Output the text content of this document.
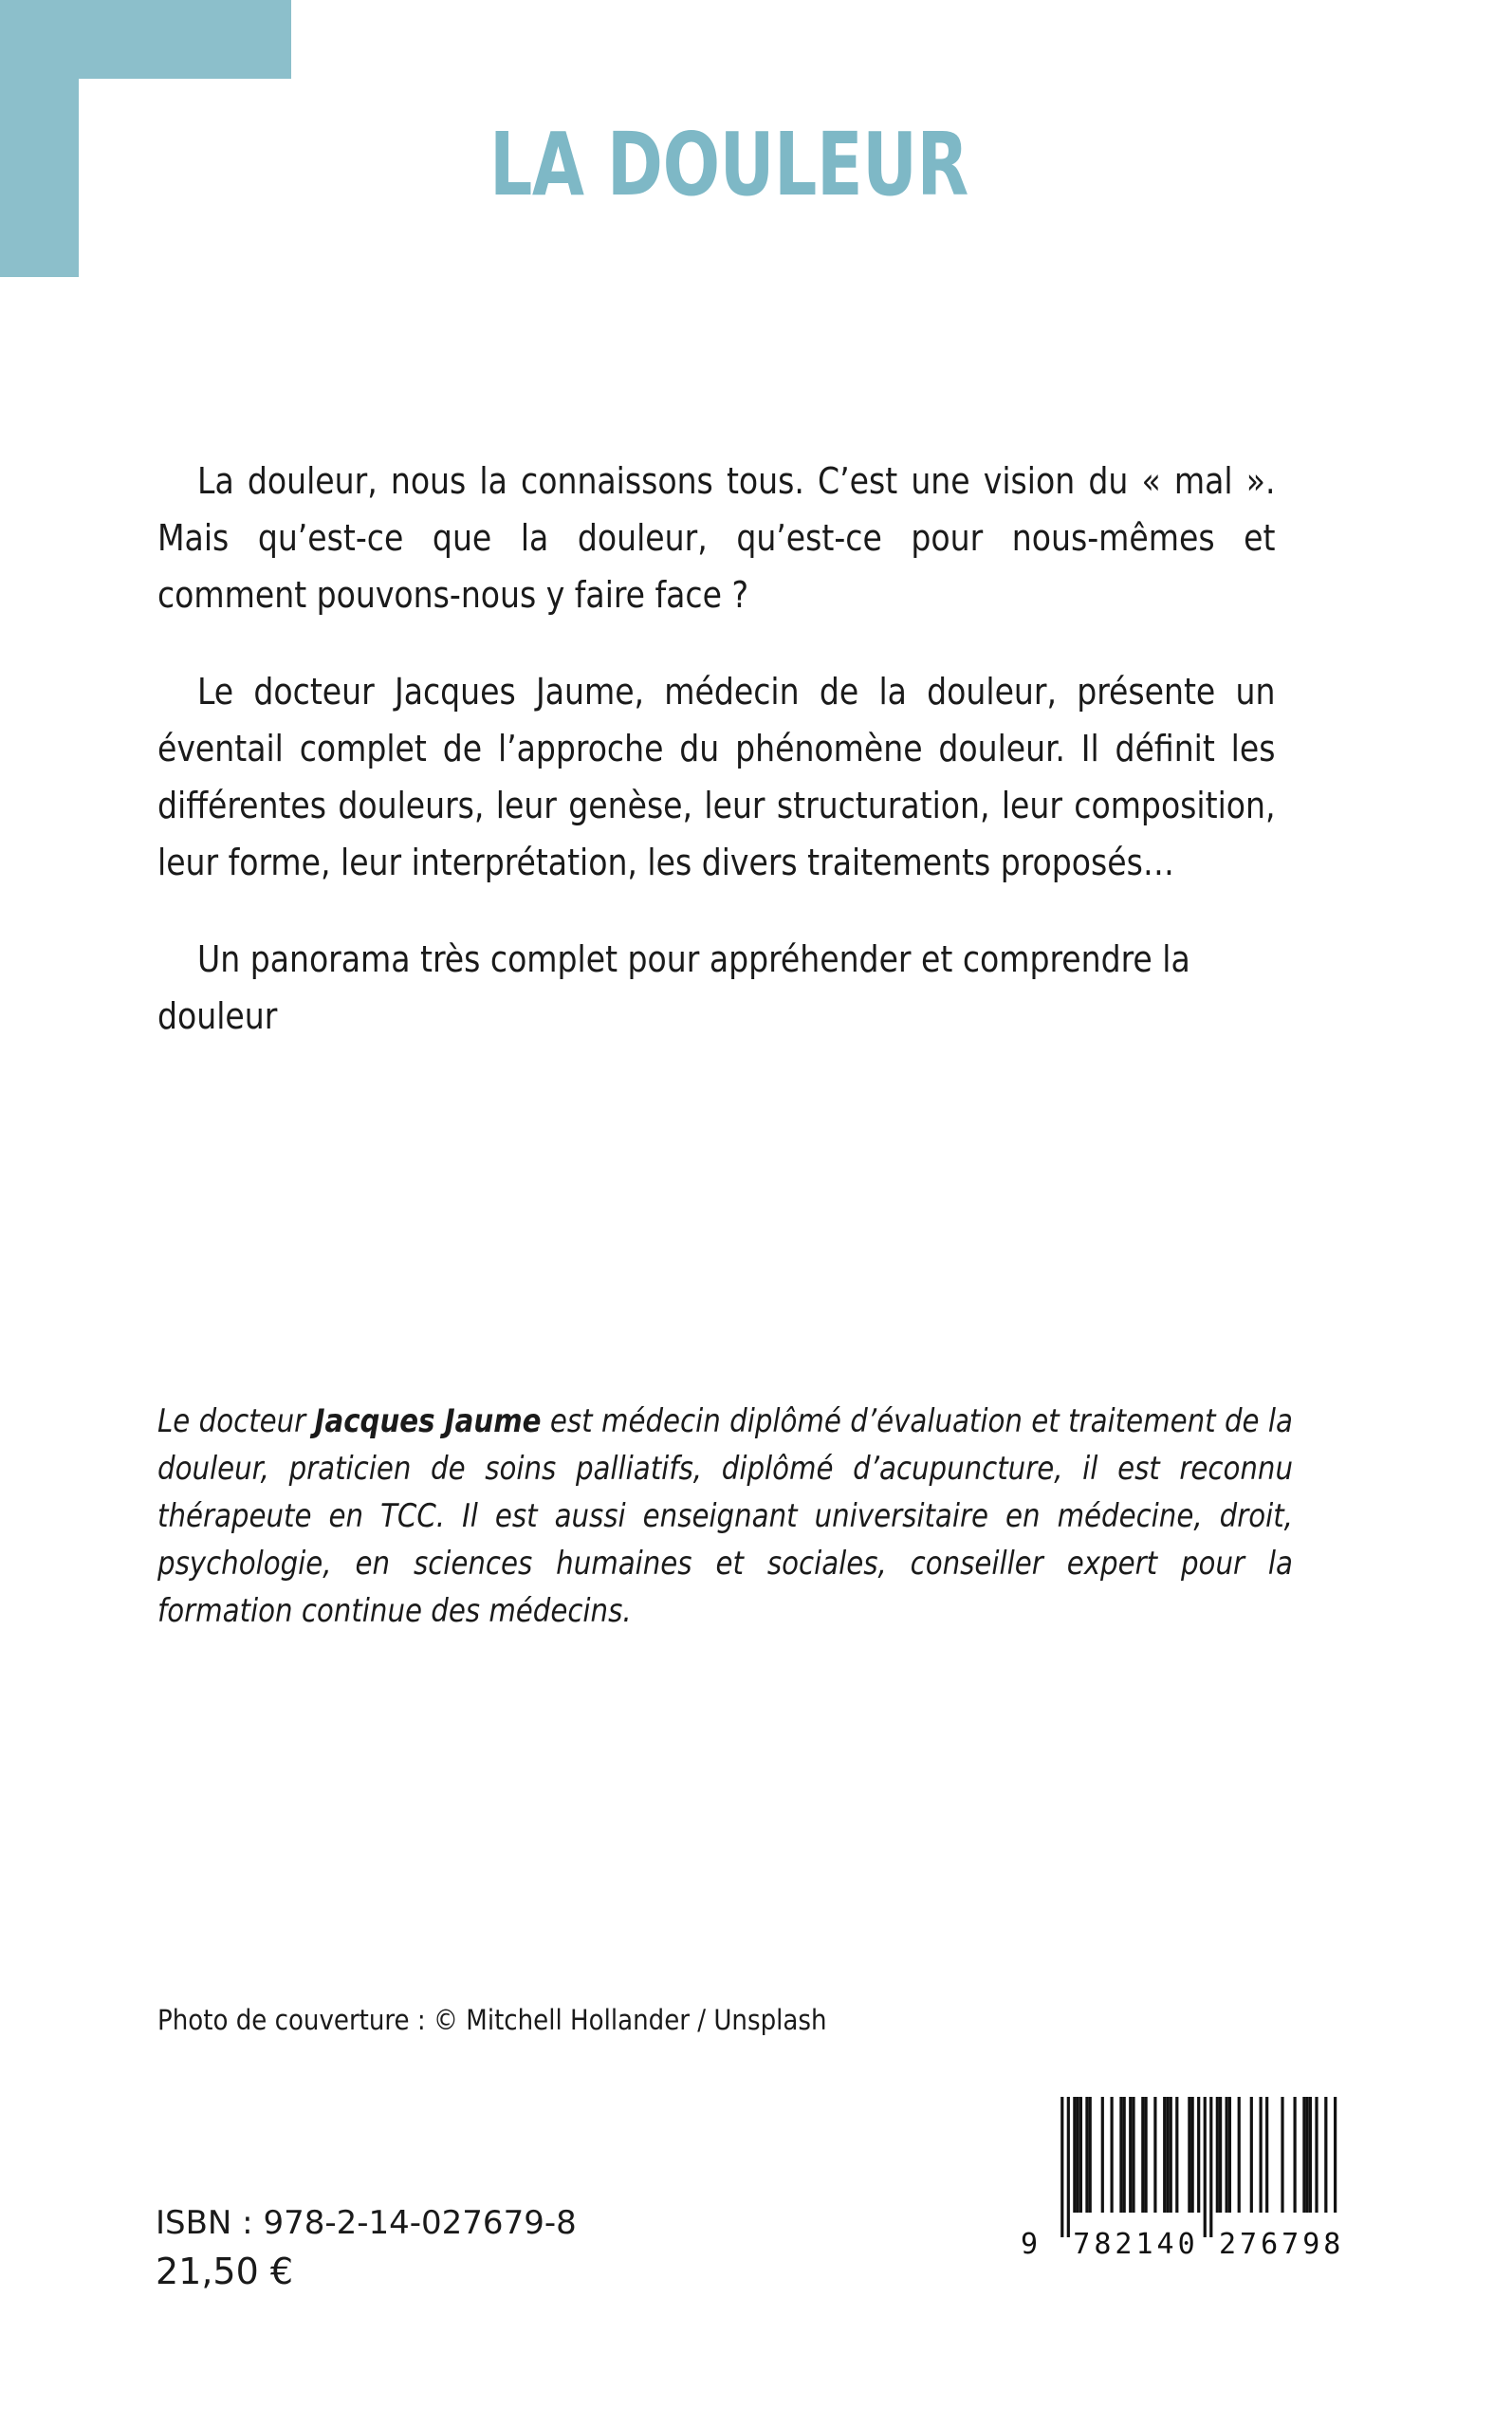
LA DOULEUR

La douleur, nous la connaissons tous. C’est une vision du « mal ». Mais qu’est-ce que la douleur, qu’est-ce pour nous-mêmes et comment pouvons-nous y faire face ?

Le docteur Jacques Jaume, médecin de la douleur, présente un éventail complet de l’approche du phénomène douleur. Il définit les différentes douleurs, leur genèse, leur structuration, leur composition, leur forme, leur interprétation, les divers traitements proposés…

Un panorama très complet pour appréhender et comprendre la douleur

Le docteur Jacques Jaume est médecin diplômé d’évaluation et traitement de la douleur, praticien de soins palliatifs, diplômé d’acupuncture, il est reconnu thérapeute en TCC. Il est aussi enseignant universitaire en médecine, droit, psychologie, en sciences humaines et sociales, conseiller expert pour la formation continue des médecins.

Photo de couverture : © Mitchell Hollander / Unsplash
ISBN : 978-2-14-027679-8
21,50 €
9 782140 276798
